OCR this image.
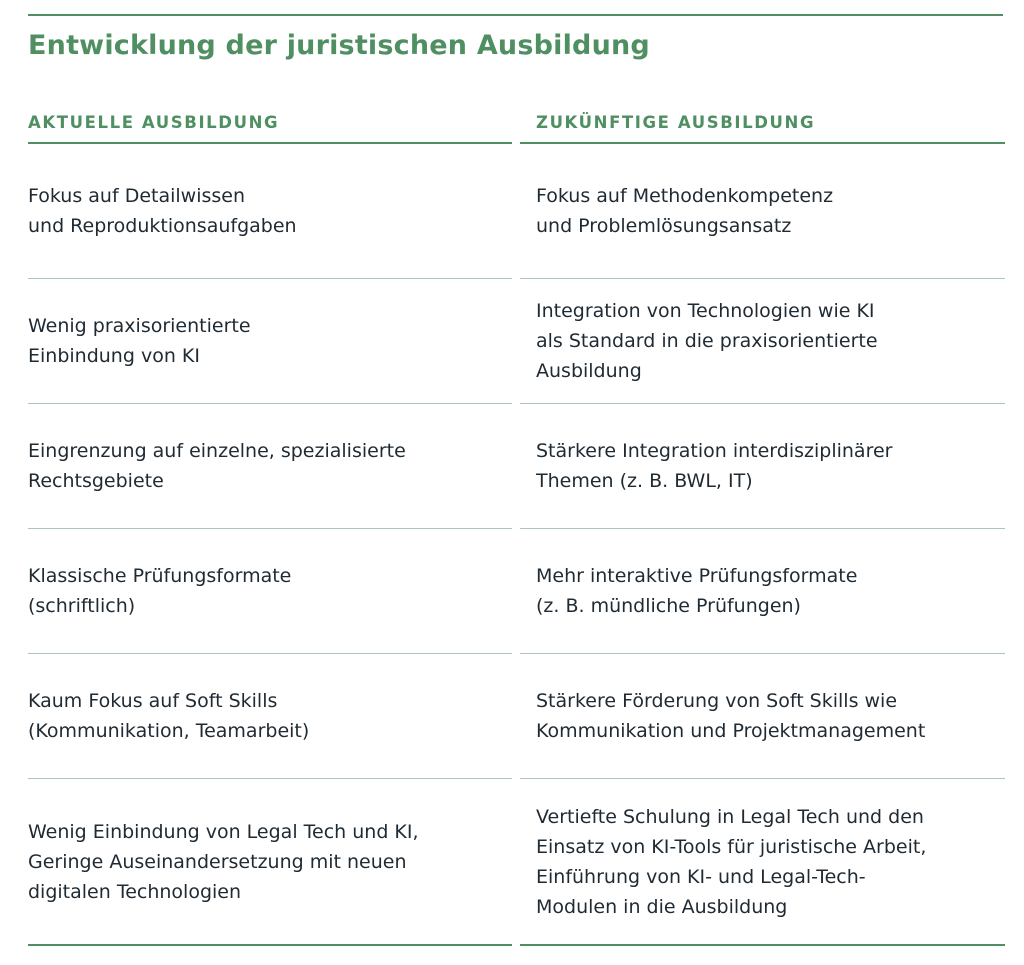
Entwicklung der juristischen Ausbildung
AKTUELLE AUSBILDUNG
Fokus auf Detailwissen
und Reproduktionsaufgaben
Wenig praxisorientierte
Einbindung von KI
Eingrenzung auf einzelne, spezialisierte
Rechtsgebiete
Klassische Prüfungsformate
(schriftlich)
Kaum Fokus auf Soft Skills
(Kommunikation, Teamarbeit)
Wenig Einbindung von Legal Tech und KI,
Geringe Auseinandersetzung mit neuen
digitalen Technologien
ZUKÜNFTIGE AUSBILDUNG
Fokus auf Methodenkompetenz
und Problemlösungsansatz
Integration von Technologien wie KI
als Standard in die praxisorientierte
Ausbildung
Stärkere Integration interdisziplinärer
Themen (z. B. BWL, IT)
Mehr interaktive Prüfungsformate
(z. B. mündliche Prüfungen)
Stärkere Förderung von Soft Skills wie
Kommunikation und Projektmanagement
Vertiefte Schulung in Legal Tech und den
Einsatz von KI-Tools für juristische Arbeit,
Einführung von KI- und Legal-Tech-
Modulen in die Ausbildung
